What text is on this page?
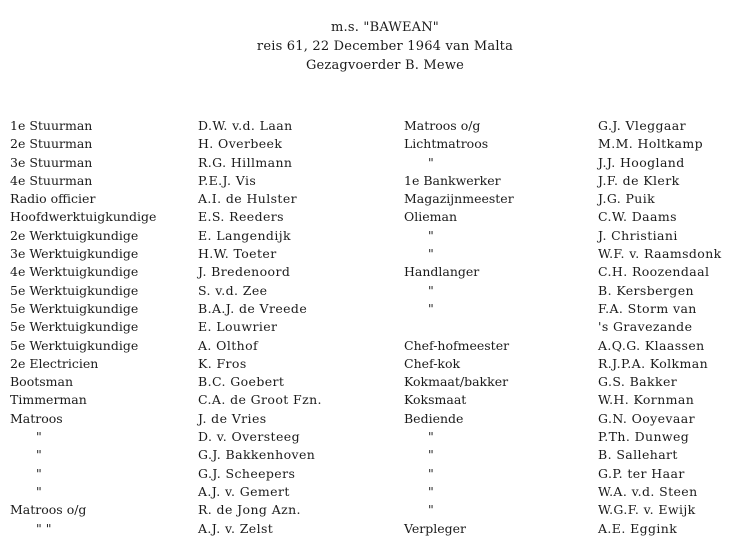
m.s. "BAWEAN"
reis 61, 22 December 1964 van Malta
Gezagvoerder B. Mewe
1e Stuurman
2e Stuurman
3e Stuurman
4e Stuurman
Radio officier
Hoofdwerktuigkundige
2e Werktuigkundige
3e Werktuigkundige
4e Werktuigkundige
5e Werktuigkundige
5e Werktuigkundige
5e Werktuigkundige
5e Werktuigkundige
2e Electricien
Bootsman
Timmerman
Matroos
"
"
"
"
Matroos o/g
" "
D.W. v.d. Laan
H. Overbeek
R.G. Hillmann
P.E.J. Vis
A.I. de Hulster
E.S. Reeders
E. Langendijk
H.W. Toeter
J. Bredenoord
S. v.d. Zee
B.A.J. de Vreede
E. Louwrier
A. Olthof
K. Fros
B.C. Goebert
C.A. de Groot Fzn.
J. de Vries
D. v. Oversteeg
G.J. Bakkenhoven
G.J. Scheepers
A.J. v. Gemert
R. de Jong Azn.
A.J. v. Zelst
Matroos o/g
Lichtmatroos
"
1e Bankwerker
Magazijnmeester
Olieman
"
"
Handlanger
"
"
Chef-hofmeester
Chef-kok
Kokmaat/bakker
Koksmaat
Bediende
"
"
"
"
"
Verpleger
G.J. Vleggaar
M.M. Holtkamp
J.J. Hoogland
J.F. de Klerk
J.G. Puik
C.W. Daams
J. Christiani
W.F. v. Raamsdonk
C.H. Roozendaal
B. Kersbergen
F.A. Storm van
's Gravezande
A.Q.G. Klaassen
R.J.P.A. Kolkman
G.S. Bakker
W.H. Kornman
G.N. Ooyevaar
P.Th. Dunweg
B. Sallehart
G.P. ter Haar
W.A. v.d. Steen
W.G.F. v. Ewijk
A.E. Eggink
